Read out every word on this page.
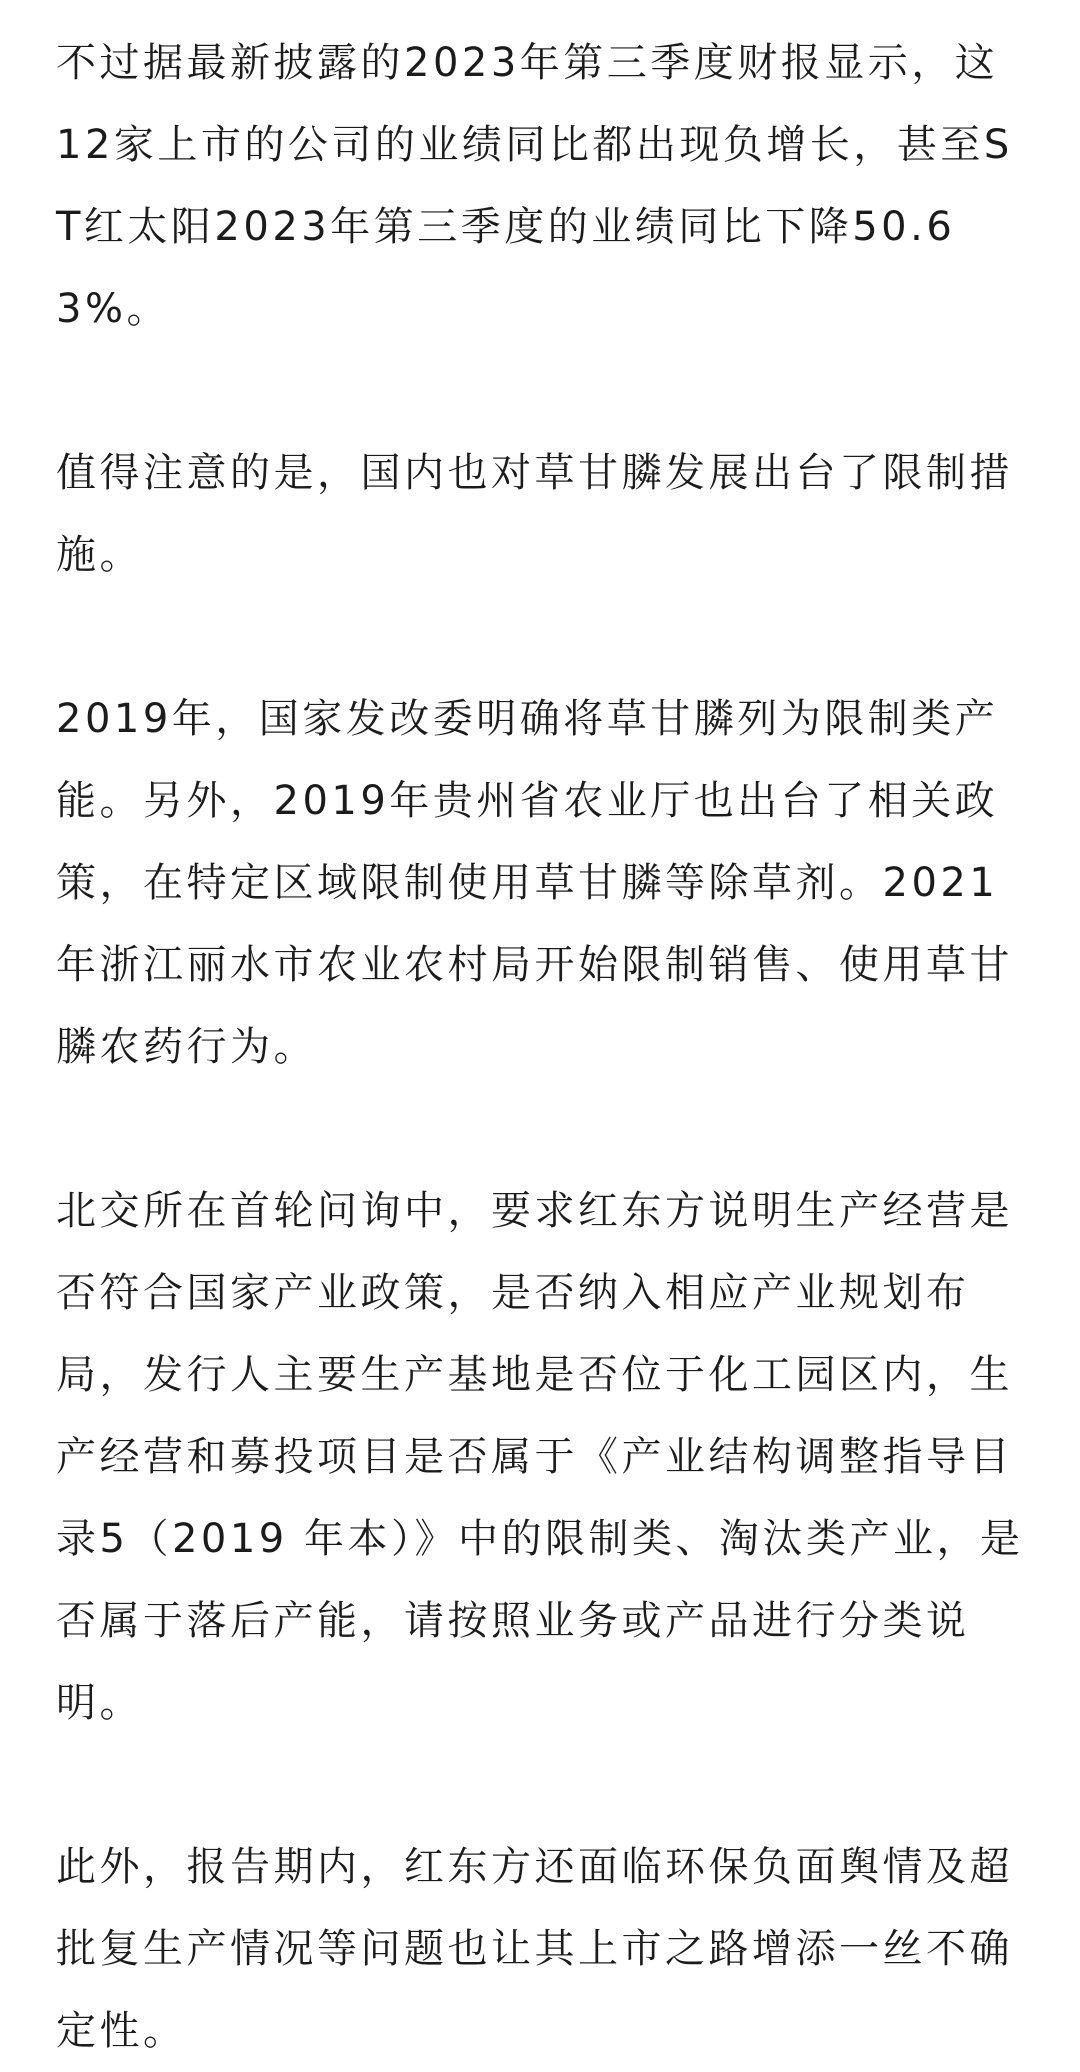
不过据最新披露的2023年第三季度财报显示，这12家上市的公司的业绩同比都出现负增长，甚至ST红太阳2023年第三季度的业绩同比下降50.63%。

值得注意的是，国内也对草甘膦发展出台了限制措施。

2019年，国家发改委明确将草甘膦列为限制类产能。另外，2019年贵州省农业厅也出台了相关政策，在特定区域限制使用草甘膦等除草剂。2021年浙江丽水市农业农村局开始限制销售、使用草甘膦农药行为。

北交所在首轮问询中，要求红东方说明生产经营是否符合国家产业政策，是否纳入相应产业规划布局，发行人主要生产基地是否位于化工园区内，生产经营和募投项目是否属于《产业结构调整指导目录5（2019 年本）》中的限制类、淘汰类产业，是否属于落后产能，请按照业务或产品进行分类说明。

此外，报告期内，红东方还面临环保负面舆情及超批复生产情况等问题也让其上市之路增添一丝不确定性。
